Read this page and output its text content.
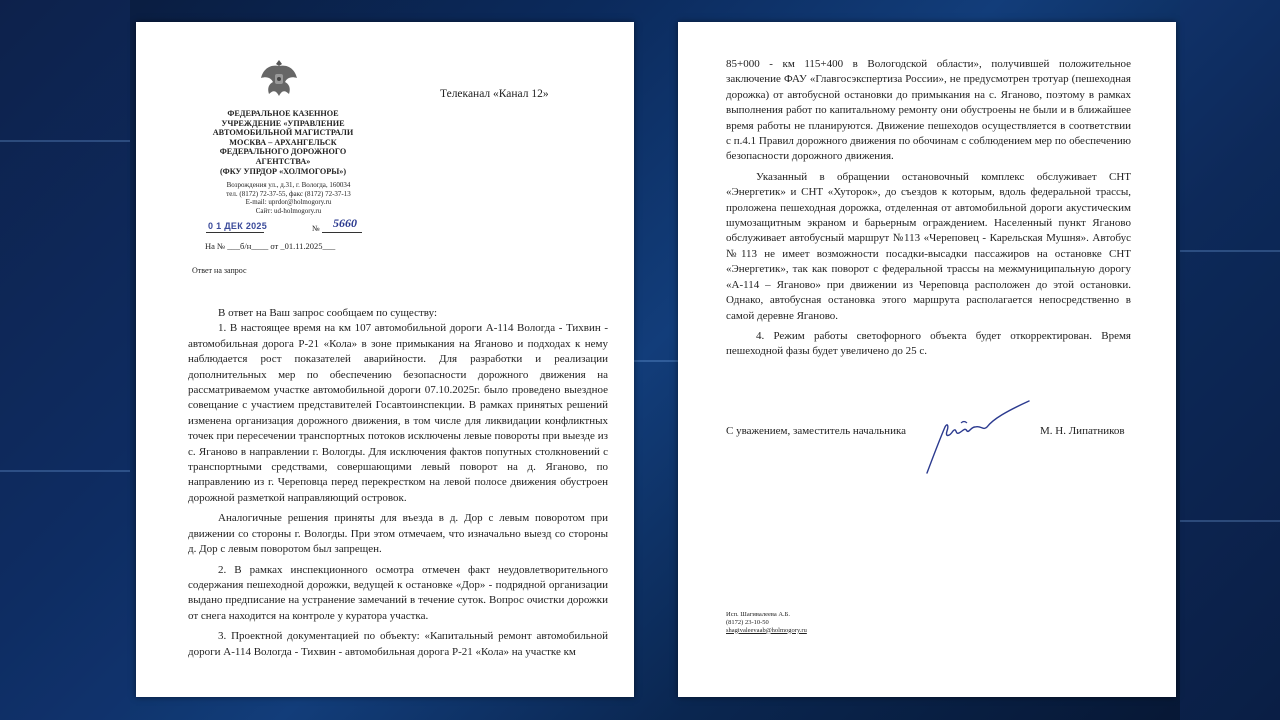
ФЕДЕРАЛЬНОЕ КАЗЕННОЕ
УЧРЕЖДЕНИЕ «УПРАВЛЕНИЕ
АВТОМОБИЛЬНОЙ МАГИСТРАЛИ
МОСКВА – АРХАНГЕЛЬСК
ФЕДЕРАЛЬНОГО ДОРОЖНОГО
АГЕНТСТВА»
(ФКУ УПРДОР «ХОЛМОГОРЫ»)
Возрождения ул., д.31, г. Вологда, 160034
тел. (8172) 72-37-55, факс (8172) 72-37-13
E-mail: uprdor@holmogory.ru
Сайт: ud-holmogory.ru
Телеканал «Канал 12»
0 1 ДЕК 2025	№ 5660
На № ___б/н____ от _01.11.2025___
Ответ на запрос

В ответ на Ваш запрос сообщаем по существу:

1. В настоящее время на км 107 автомобильной дороги А-114 Вологда - Тихвин - автомобильная дорога Р-21 «Кола» в зоне примыкания на Яганово и подходах к нему наблюдается рост показателей аварийности. Для разработки и реализации дополнительных мер по обеспечению безопасности дорожного движения на рассматриваемом участке автомобильной дороги 07.10.2025г. было проведено выездное совещание с участием представителей Госавтоинспекции. В рамках принятых решений изменена организация дорожного движения, в том числе для ликвидации конфликтных точек при пересечении транспортных потоков исключены левые повороты при выезде из с. Яганово в направлении г. Вологды. Для исключения фактов попутных столкновений с транспортными средствами, совершающими левый поворот на д. Яганово, по направлению из г. Череповца перед перекрестком на левой полосе движения обустроен дорожной разметкой направляющий островок.

Аналогичные решения приняты для въезда в д. Дор с левым поворотом при движении со стороны г. Вологды. При этом отмечаем, что изначально выезд со стороны д. Дор с левым поворотом был запрещен.

2. В рамках инспекционного осмотра отмечен факт неудовлетворительного содержания пешеходной дорожки, ведущей к остановке «Дор» - подрядной организации выдано предписание на устранение замечаний в течение суток. Вопрос очистки дорожки от снега находится на контроле у куратора участка.

3. Проектной документацией по объекту: «Капитальный ремонт автомобильной дороги А-114 Вологда - Тихвин - автомобильная дорога Р-21 «Кола» на участке км

85+000 - км 115+400 в Вологодской области», получившей положительное заключение ФАУ «Главгосэкспертиза России», не предусмотрен тротуар (пешеходная дорожка) от автобусной остановки до примыкания на с. Яганово, поэтому в рамках выполнения работ по капитальному ремонту они обустроены не были и в ближайшее время работы не планируются. Движение пешеходов осуществляется в соответствии с п.4.1 Правил дорожного движения по обочинам с соблюдением мер по обеспечению безопасности дорожного движения.

Указанный в обращении остановочный комплекс обслуживает СНТ «Энергетик» и СНТ «Хуторок», до съездов к которым, вдоль федеральной трассы, проложена пешеходная дорожка, отделенная от автомобильной дороги акустическим шумозащитным экраном и барьерным ограждением. Населенный пункт Яганово обслуживает автобусный маршрут №113 «Череповец - Карельская Мушня». Автобус №113 не имеет возможности посадки-высадки пассажиров на остановке СНТ «Энергетик», так как поворот с федеральной трассы на межмуниципальную дорогу «А-114 – Яганово» при движении из Череповца расположен до этой остановки. Однако, автобусная остановка этого маршрута располагается непосредственно в самой деревне Яганово.

4. Режим работы светофорного объекта будет откорректирован. Время пешеходной фазы будет увеличено до 25 с.

С уважением, заместитель начальника	М. Н. Липатников
Исп. Шагивалеева А.Б.
(8172) 23-10-50
shagivaleevaab@holmogory.ru
